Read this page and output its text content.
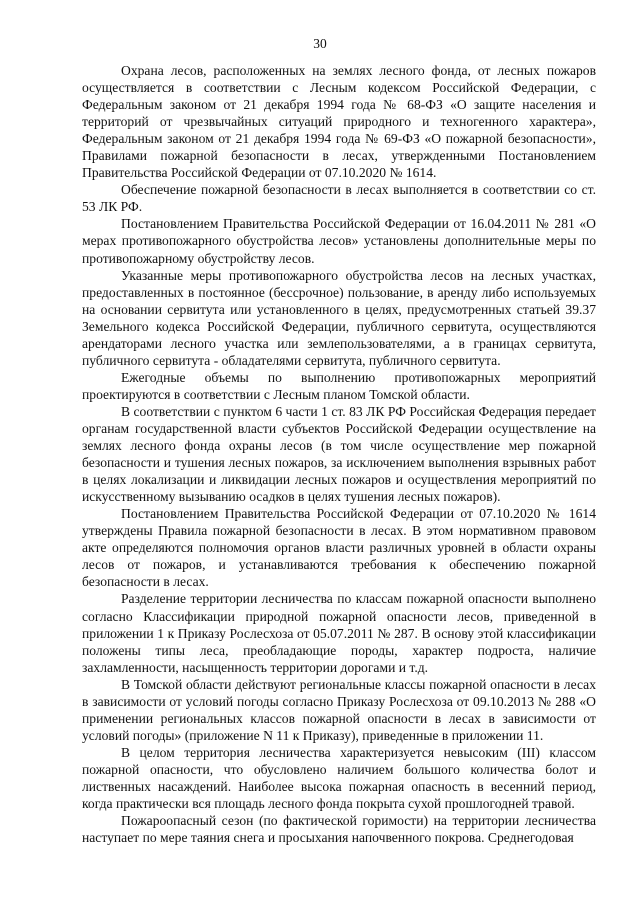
30

Охрана лесов, расположенных на землях лесного фонда, от лесных пожаров осуществляется в соответствии с Лесным кодексом Российской Федерации, с Федеральным законом от 21 декабря 1994 года № 68-ФЗ «О защите населения и территорий от чрезвычайных ситуаций природного и техногенного характера», Федеральным законом от 21 декабря 1994 года № 69-ФЗ «О пожарной безопасности», Правилами пожарной безопасности в лесах, утвержденными Постановлением Правительства Российской Федерации от 07.10.2020 № 1614.

Обеспечение пожарной безопасности в лесах выполняется в соответствии со ст. 53 ЛК РФ.

Постановлением Правительства Российской Федерации от 16.04.2011 № 281 «О мерах противопожарного обустройства лесов» установлены дополнительные меры по противопожарному обустройству лесов.

Указанные меры противопожарного обустройства лесов на лесных участках, предоставленных в постоянное (бессрочное) пользование, в аренду либо используемых на основании сервитута или установленного в целях, предусмотренных статьей 39.37 Земельного кодекса Российской Федерации, публичного сервитута, осуществляются арендаторами лесного участка или землепользователями, а в границах сервитута, публичного сервитута - обладателями сервитута, публичного сервитута.

Ежегодные объемы по выполнению противопожарных мероприятий проектируются в соответствии с Лесным планом Томской области.

В соответствии с пунктом 6 части 1 ст. 83 ЛК РФ Российская Федерация передает органам государственной власти субъектов Российской Федерации осуществление на землях лесного фонда охраны лесов (в том числе осуществление мер пожарной безопасности и тушения лесных пожаров, за исключением выполнения взрывных работ в целях локализации и ликвидации лесных пожаров и осуществления мероприятий по искусственному вызыванию осадков в целях тушения лесных пожаров).

Постановлением Правительства Российской Федерации от 07.10.2020 № 1614 утверждены Правила пожарной безопасности в лесах. В этом нормативном правовом акте определяются полномочия органов власти различных уровней в области охраны лесов от пожаров, и устанавливаются требования к обеспечению пожарной безопасности в лесах.

Разделение территории лесничества по классам пожарной опасности выполнено согласно Классификации природной пожарной опасности лесов, приведенной в приложении 1 к Приказу Рослесхоза от 05.07.2011 № 287. В основу этой классификации положены типы леса, преобладающие породы, характер подроста, наличие захламленности, насыщенность территории дорогами и т.д.

В Томской области действуют региональные классы пожарной опасности в лесах в зависимости от условий погоды согласно Приказу Рослесхоза от 09.10.2013 № 288 «О применении региональных классов пожарной опасности в лесах в зависимости от условий погоды» (приложение N 11 к Приказу), приведенные в приложении 11.

В целом территория лесничества характеризуется невысоким (III) классом пожарной опасности, что обусловлено наличием большого количества болот и лиственных насаждений. Наиболее высока пожарная опасность в весенний период, когда практически вся площадь лесного фонда покрыта сухой прошлогодней травой.

Пожароопасный сезон (по фактической горимости) на территории лесничества наступает по мере таяния снега и просыхания напочвенного покрова. Среднегодовая
